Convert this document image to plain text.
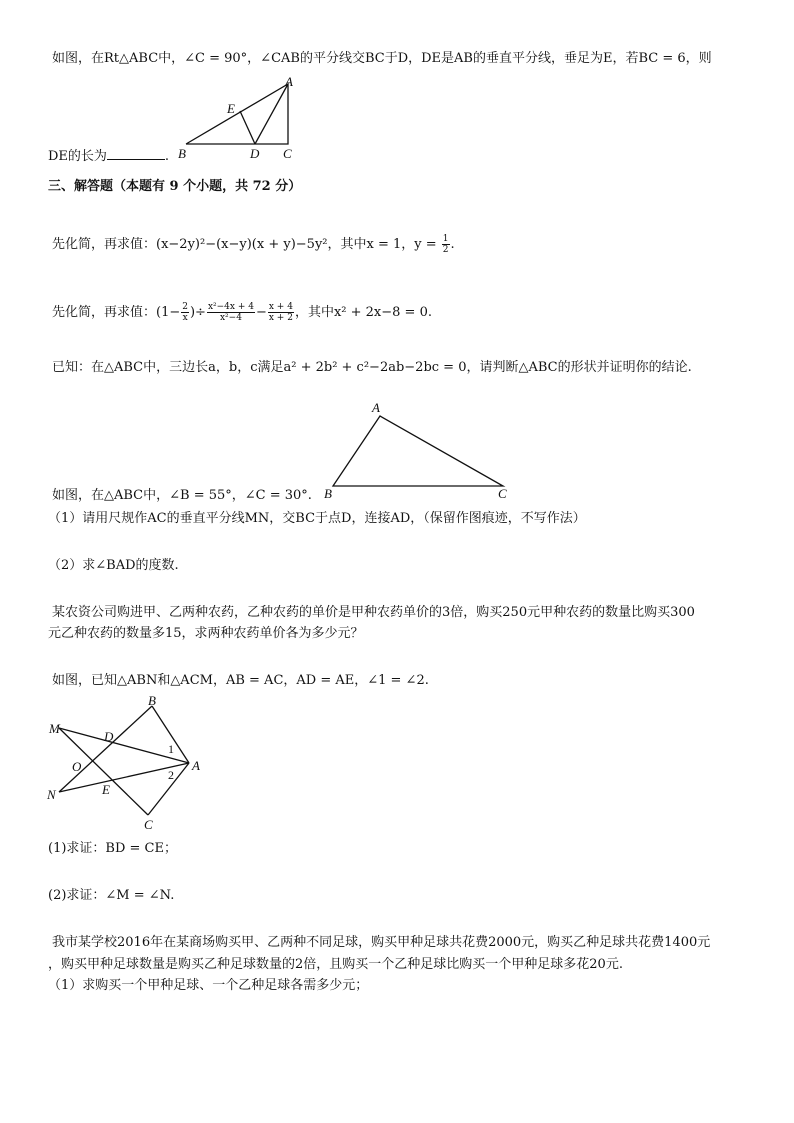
如图，在Rt△ABC中，∠C = 90°，∠CAB的平分线交BC于D，DE是AB的垂直平分线，垂足为E，若BC = 6，则
A
B	C
D
E
DE的长为	.
三、解答题（本题有 9 个小题，共 72 分）
先化简，再求值：(x−2y)²−(x−y)(x + y)−5y²，其中x = 1，$y = \frac{1}{2}$ .
先化简，再求值：($1- \frac{2}{x}$ )÷ $\frac{\text{x²−4x + 4}}{\text{x²−4}} - \frac{x + 4}{x + 2}$ ，其中x² + 2x−8 = 0.
已知：在△ABC中，三边长a，b，c满足a² + 2b² + c²−2ab−2bc = 0，请判断△ABC的形状并证明你的结论.
A
B	C
如图，在△ABC中，∠B = 55°，∠C = 30°.
（1）请用尺规作AC的垂直平分线MN，交BC于点D，连接AD，（保留作图痕迹，不写作法）
（2）求∠BAD的度数.
某农资公司购进甲、乙两种农药，乙种农药的单价是甲种农药单价的3倍，购买250元甲种农药的数量比购买300
元乙种农药的数量多15，求两种农药单价各为多少元？
如图，已知△ABN和△ACM，AB = AC，AD = AE，∠1 = ∠2.
M
B
D
O	A
N	E
C
1
2
(1)求证：BD = CE；
(2)求证：∠M = ∠N.
我市某学校2016年在某商场购买甲、乙两种不同足球，购买甲种足球共花费2000元，购买乙种足球共花费1400元
，购买甲种足球数量是购买乙种足球数量的2倍，且购买一个乙种足球比购买一个甲种足球多花20元.
（1）求购买一个甲种足球、一个乙种足球各需多少元；
